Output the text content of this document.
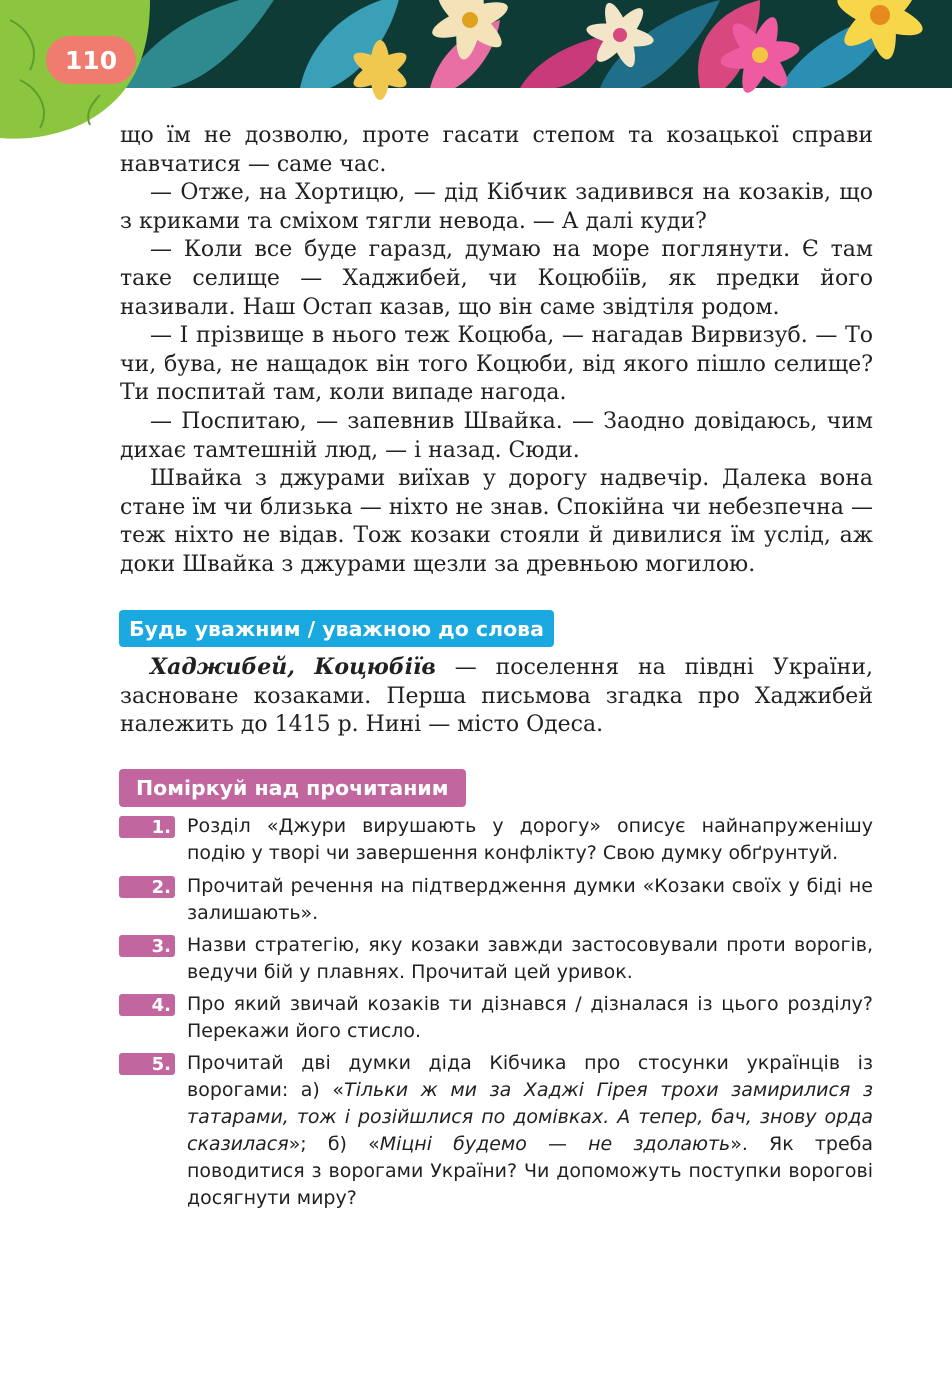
110

що їм не дозволю, проте гасати степом та козацької справи навчатися — саме час.

— Отже, на Хортицю, — дід Кібчик задивився на козаків, що з криками та сміхом тягли невода. — А далі куди?

— Коли все буде гаразд, думаю на море поглянути. Є там таке селище — Хаджибей, чи Коцюбіїв, як предки його називали. Наш Остап казав, що він саме звідтіля родом.

— І прізвище в нього теж Коцюба, — нагадав Вирвизуб. — То чи, бува, не нащадок він того Коцюби, від якого пішло селище? Ти поспитай там, коли випаде нагода.

— Поспитаю, — запевнив Швайка. — Заодно довідаюсь, чим дихає тамтешній люд, — і назад. Сюди.

Швайка з джурами виїхав у дорогу надвечір. Далека вона стане їм чи близька — ніхто не знав. Спокійна чи небезпечна — теж ніхто не відав. Тож козаки стояли й дивилися їм услід, аж доки Швайка з джурами щезли за древньою могилою.

Будь уважним / уважною до слова

Хаджибей, Коцюбіїв — поселення на півдні України, засноване козаками. Перша письмова згадка про Хаджибей належить до 1415 р. Нині — місто Одеса.

Поміркуй над прочитаним
1. Розділ «Джури вирушають у дорогу» описує найнапруженішу подію у творі чи завершення конфлікту? Свою думку обґрунтуй.
2. Прочитай речення на підтвердження думки «Козаки своїх у біді не залишають».
3. Назви стратегію, яку козаки завжди застосовували проти ворогів, ведучи бій у плавнях. Прочитай цей уривок.
4. Про який звичай козаків ти дізнався / дізналася із цього розділу? Перекажи його стисло.
5. Прочитай дві думки діда Кібчика про стосунки українців із ворогами: а) «Тільки ж ми за Хаджі Гірея трохи замирилися з татарами, тож і розійшлися по домівках. А тепер, бач, знову орда сказилася»; б) «Міцні будемо — не здолають». Як треба поводитися з ворогами України? Чи допоможуть поступки ворогові досягнути миру?
